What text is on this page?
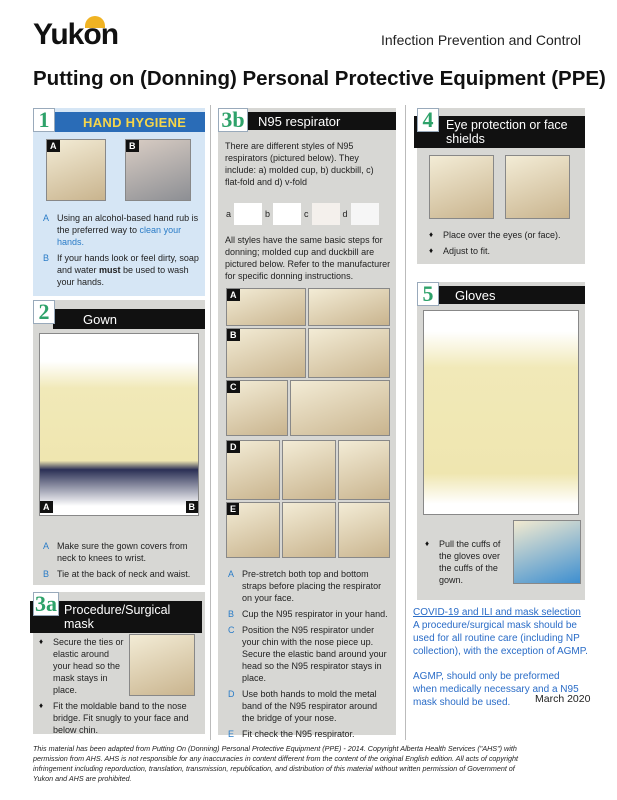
Yukon	Infection Prevention and Control
Putting on (Donning) Personal Protective Equipment (PPE)
1	HAND HYGIENE
A	B
A Using an alcohol-based hand rub is the preferred way to clean your hands.
B If your hands look or feel dirty, soap and water must be used to wash your hands.
2	Gown
A	B
A Make sure the gown covers from neck to knees to wrist.
B Tie at the back of neck and waist.
3a Procedure/Surgical mask
♦	Secure the ties or elastic around your head so the mask stays in place.
♦	Fit the moldable band to the nose bridge. Fit snugly to your face and below chin.
3b	N95 respirator
There are different styles of N95 respirators (pictured below). They include: a) molded cup, b) duckbill, c) flat-fold and d) v-fold
a	b	c	d
All styles have the same basic steps for donning; molded cup and duckbill are pictured below. Refer to the manufacturer for specific donning instructions.
A
B
C
D
E
A Pre-stretch both top and bottom straps before placing the respirator on your face.
B Cup the N95 respirator in your hand.
C Position the N95 respirator under your chin with the nose piece up. Secure the elastic band around your head so the N95 respirator stays in place.
D Use both hands to mold the metal band of the N95 respirator around the bridge of your nose.
E Fit check the N95 respirator.
4	Eye protection or face shields
♦	Place over the eyes (or face).
♦	Adjust to fit.
5	Gloves
♦	Pull the cuffs of the gloves over the cuffs of the gown.
COVID-19 and ILI and mask selection
A procedure/surgical mask should be used for all routine care (including NP collection), with the exception of AGMP.
AGMP, should only be preformed when medically necessary and a N95 mask should be used.	March 2020
This material has been adapted from Putting On (Donning) Personal Protective Equipment (PPE) - 2014. Copyright Alberta Health Services ("AHS") with permission from AHS. AHS is not responsible for any inaccuracies in content different from the content of the original English edition. All acts of copyright infringement including reporduction, translation, transmission, republication, and distribution of this material without written permission of Government of Yukon and AHS are prohibited.
